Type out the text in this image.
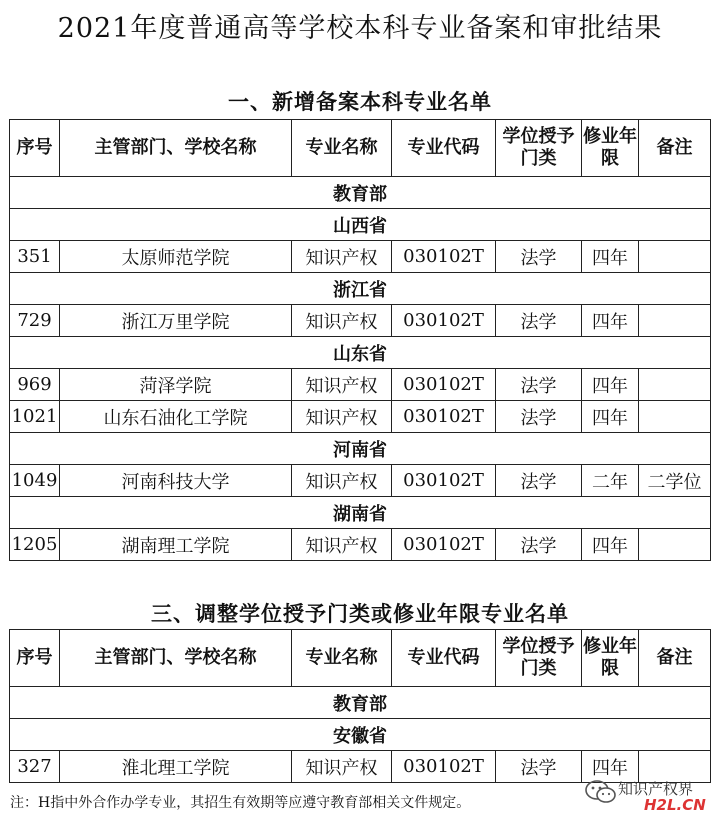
2021年度普通高等学校本科专业备案和审批结果
一、新增备案本科专业名单
序号	主管部门、学校名称	专业名称	专业代码	学位授予门类	修业年限	备注
教育部						
山西省						
351	太原师范学院	知识产权	030102T	法学	四年	
浙江省						
729	浙江万里学院	知识产权	030102T	法学	四年	
山东省						
969	菏泽学院	知识产权	030102T	法学	四年	
1021	山东石油化工学院	知识产权	030102T	法学	四年	
河南省						
1049	河南科技大学	知识产权	030102T	法学	二年	二学位
湖南省						
1205	湖南理工学院	知识产权	030102T	法学	四年	
三、调整学位授予门类或修业年限专业名单
序号	主管部门、学校名称	专业名称	专业代码	学位授予门类	修业年限	备注
教育部						
安徽省						
327	淮北理工学院	知识产权	030102T	法学	四年	
注：H指中外合作办学专业，其招生有效期等应遵守教育部相关文件规定。
知识产权界
H2L.CN
